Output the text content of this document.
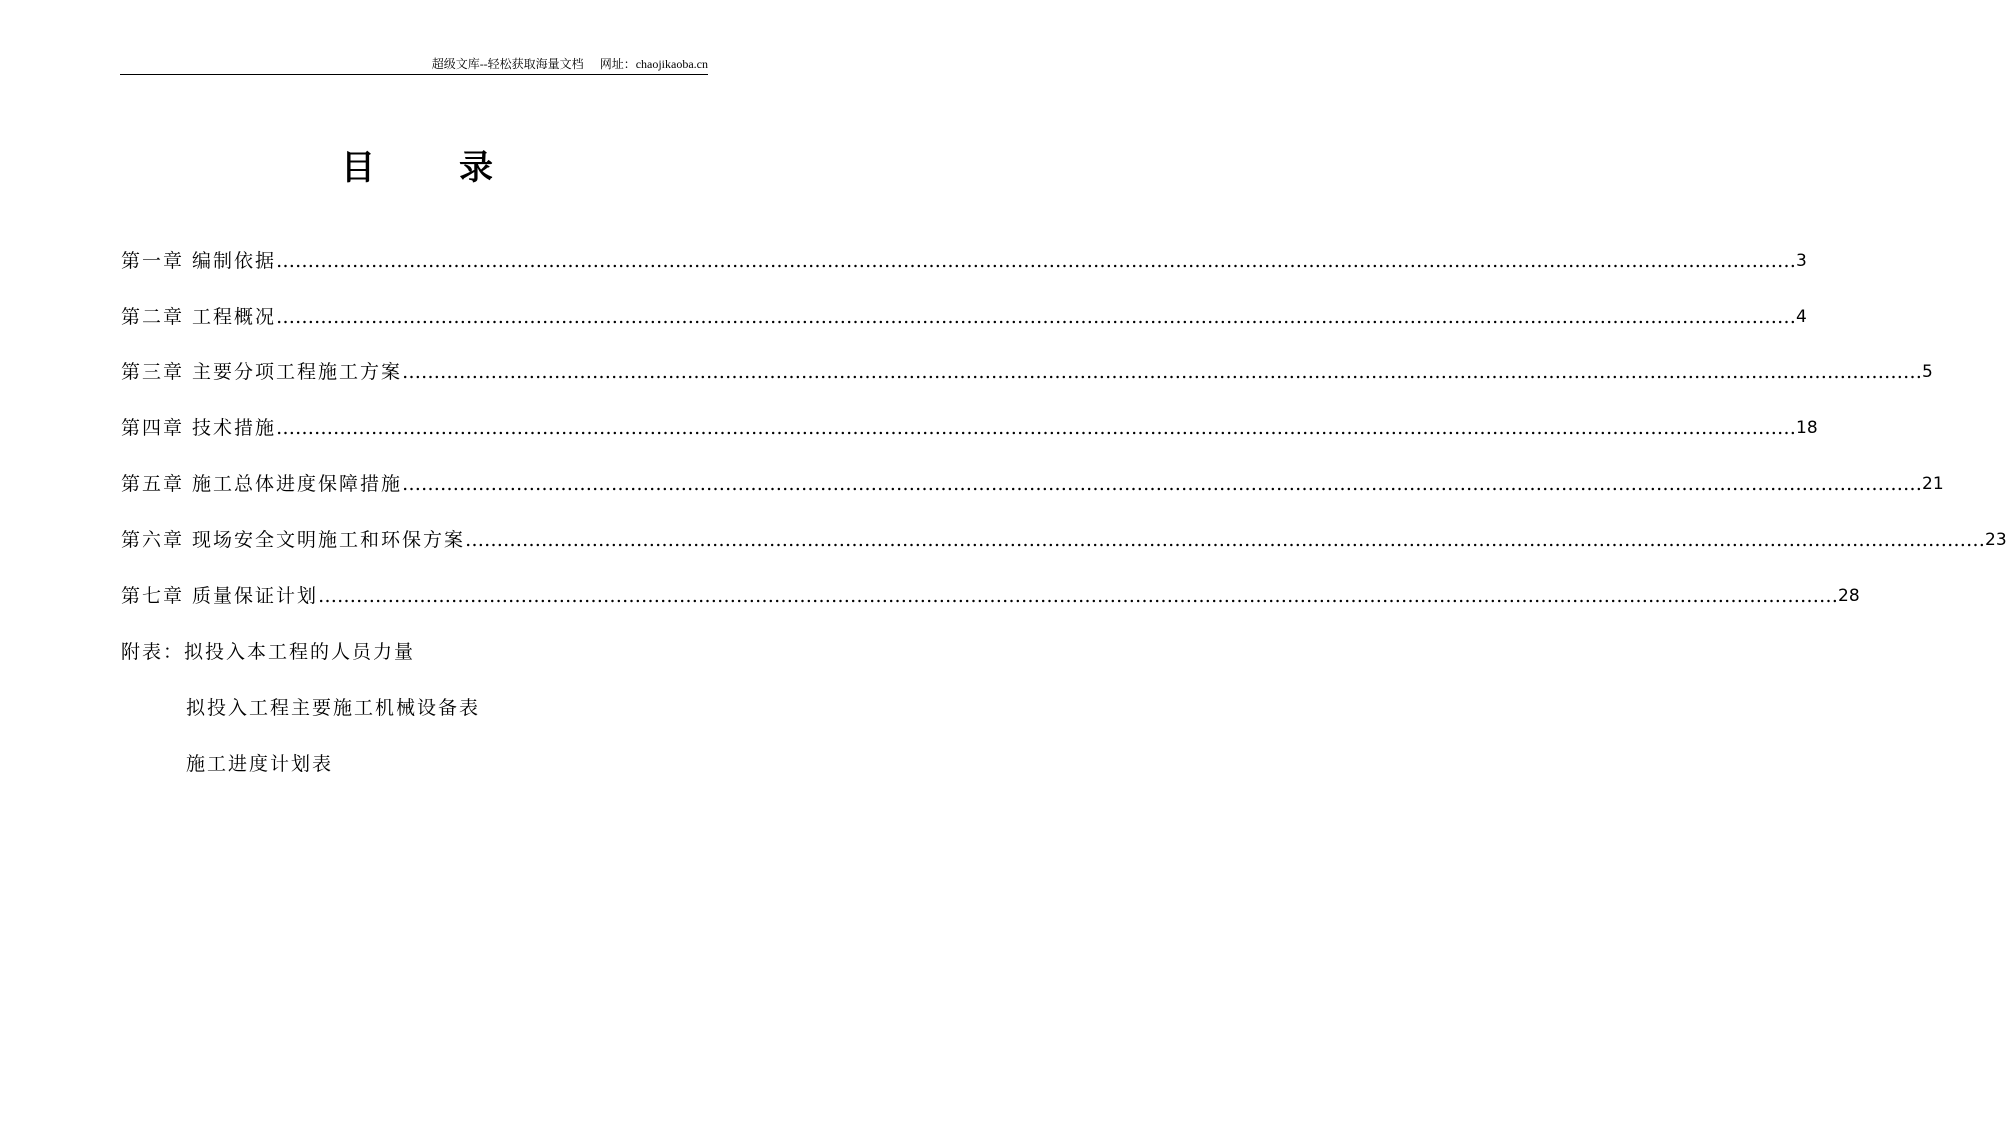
超级文库--轻松获取海量文档 网址：chaojikaoba.cn
目 录
第一章 编制依据 …………………………………………………………………………………………………………………………………………………………………………………………………………………… 3
第二章 工程概况 …………………………………………………………………………………………………………………………………………………………………………………………………………………… 4
第三章 主要分项工程施工方案 …………………………………………………………………………………………………………………………………………………………………………………………………………………… 5
第四章 技术措施 …………………………………………………………………………………………………………………………………………………………………………………………………………………… 18
第五章 施工总体进度保障措施 …………………………………………………………………………………………………………………………………………………………………………………………………………………… 21
第六章 现场安全文明施工和环保方案 …………………………………………………………………………………………………………………………………………………………………………………………………………………… 23
第七章 质量保证计划 …………………………………………………………………………………………………………………………………………………………………………………………………………………… 28
附表：拟投入本工程的人员力量
拟投入工程主要施工机械设备表
施工进度计划表
